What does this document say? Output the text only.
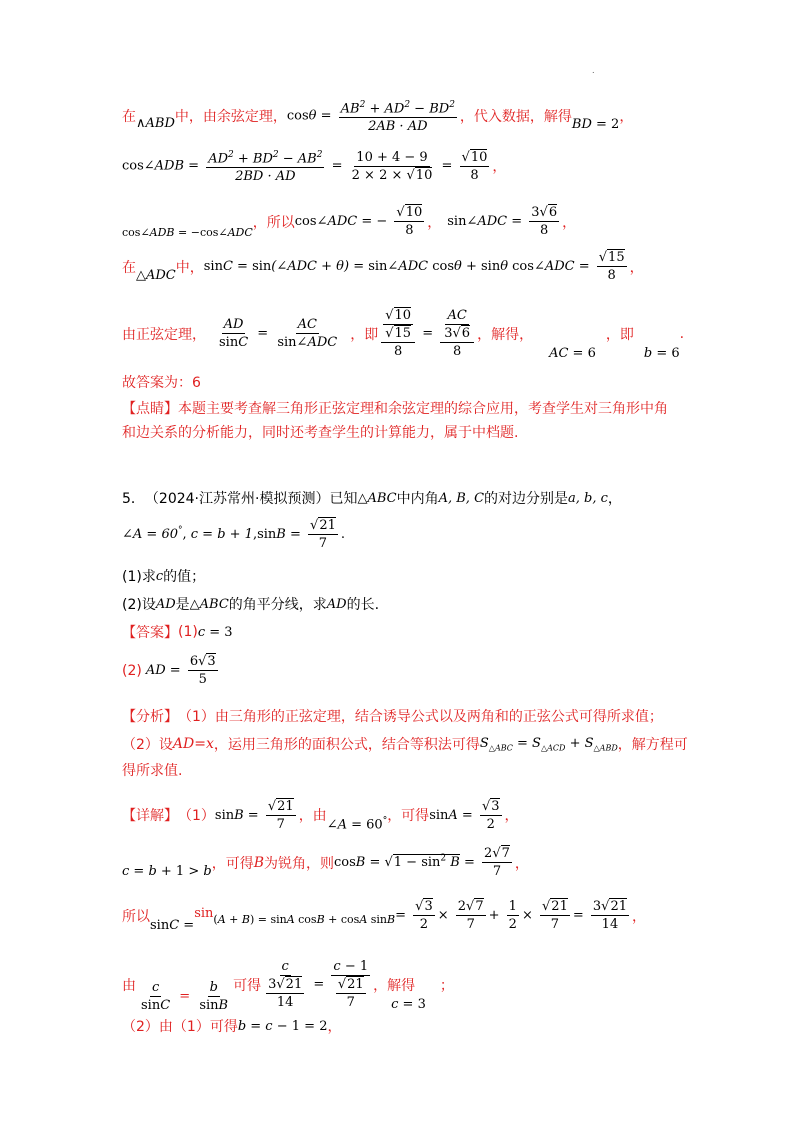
.
在 ∧ABD 中，由余弦定理， $\cos\theta = \frac{AB^2 + AD^2 - BD^2}{2AB \cdot AD}$ ，代入数据，解得 BD = 2 ，
cos∠ADB = $\frac{AD^2 + BD^2 - AB^2}{2BD \cdot AD} = \frac{10 + 4 - 9}{2 \times 2 \times √10} = \frac{√10}{8}$ ，
cos∠ADB = −cos∠ADC
，所以 cos∠ADC = − $\frac{√10}{8}$ ， sin∠ADC = $\frac{3√6}{8}$ ，
在 △ADC 中， sinC = sin(∠ADC + θ) = sin∠ADC cosθ + sinθ cos∠ADC = $\frac{√15}{8}$ ，
由正弦定理， $\frac{AD}{\sin C} = \frac{AC}{\text{sin∠ADC}}$ ，即 $\frac{\frac{√10}{√15}}{8} = \frac{\frac{AC}{3√6}}{8}$ ，解得，
AC = 6
，即
b = 6
.
故答案为：6
【点睛】 本题主要考查解三角形正弦定理和余弦定理的综合应用，考查学生对三角形中角
和边关系的分析能力，同时还考查学生的计算能力，属于中档题.
5． （2024·江苏常州·模拟预测） 已知 △ABC 中内角 A, B, C 的对边分别是 a, b, c ，
∠A = 60°, $c = b + 1,\sin B = \frac{√21}{7}$ .
(1)求 c 的值；
(2)设 AD 是 △ABC 的角平分线，求 AD 的长.
【答案】 (1) c = 3
(2) AD = $\frac{6√3}{5}$
【分析】 （1）由三角形的正弦定理，结合诱导公式以及两角和的正弦公式可得所求值；
（2）设 AD=x ，运用三角形的面积公式，结合等积法可得 $S_{\triangle ABC} = S_{\triangle ACD} + S_{\triangle ABD}$ ，解方程可
得所求值.
【详解】 （1） $\sin B = \frac{√21}{7}$ ，由
∠A = 60° ，可得 $\sin A = \frac{√3}{2}$ ，
c = b + 1 > b ，可得 B 为锐角，则 $\cos B = √1 - \sin^2 B = \frac{2√7}{7}$ ，
所以
sinC =
sin(A + B) = sinA cosB + cosA $\sin B = \frac{√3}{2} \times \frac{2√7}{7} + \frac{1}{2} \times \frac{√21}{7} = \frac{3√21}{14}$ ，
由 $\frac{c}{\sin C} = \frac{b}{\sin B}$ 可得 $\frac{c}{\frac{3√21}{14}} = \frac{c - 1}{\frac{√21}{7}}$ ，解得
c = 3
；
（2）由（1）可得 b = c − 1 = 2 ，
